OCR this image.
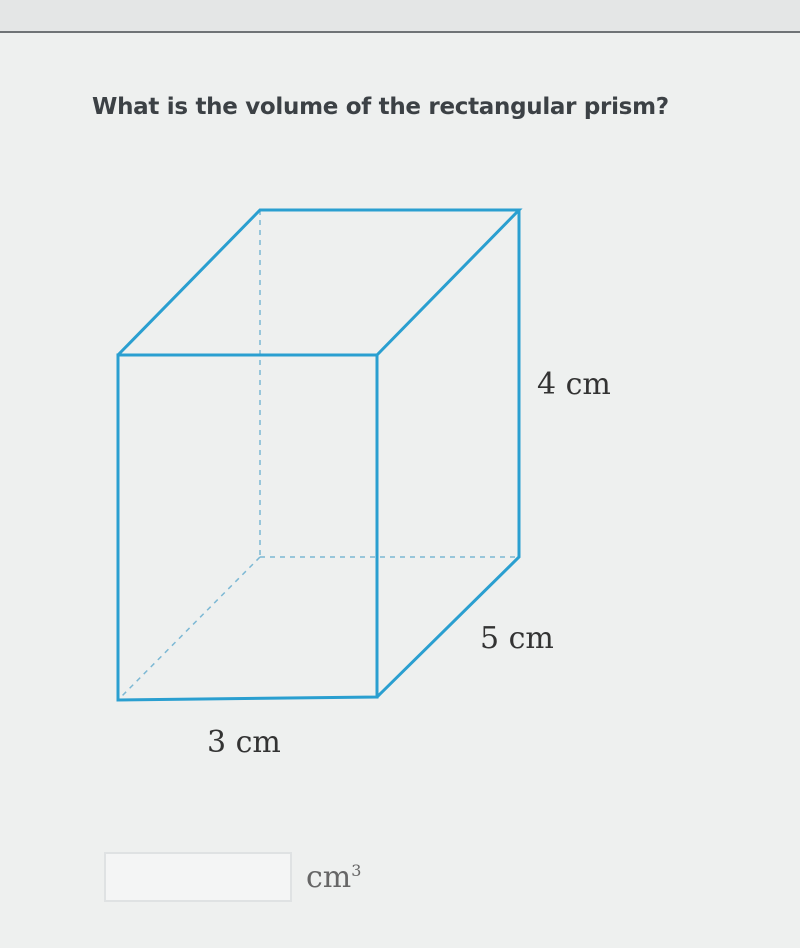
What is the volume of the rectangular prism?
4 cm
5 cm
3 cm
$cm^3$
